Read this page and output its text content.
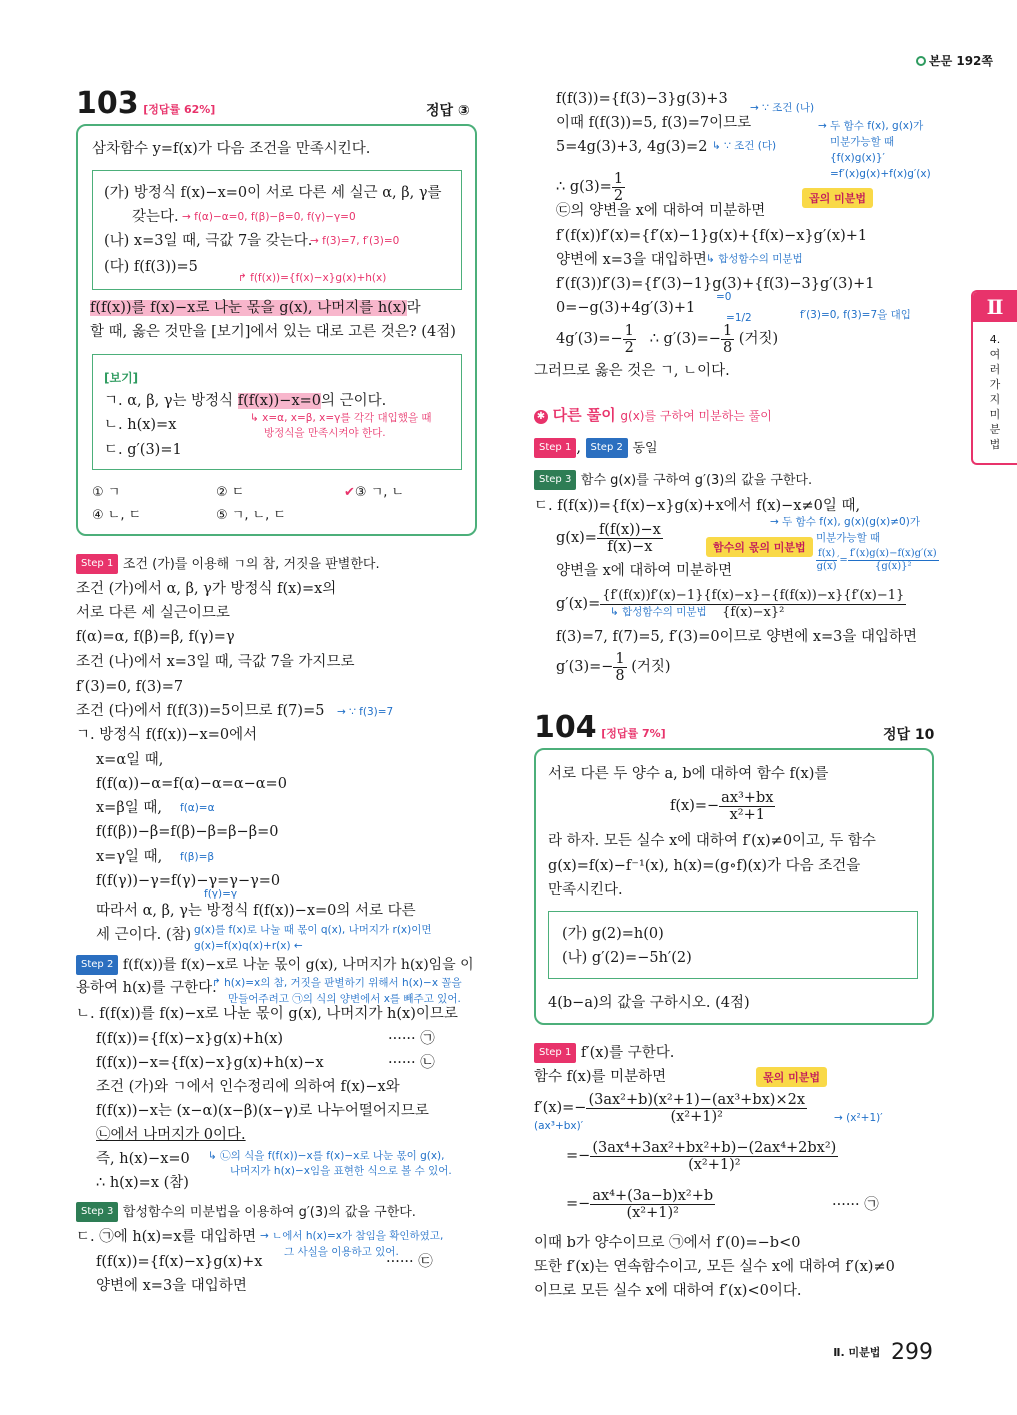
본문 192쪽
Ⅱ
4. 여러 가지 미분법
103 [정답률 62%]	정답 ③
삼차함수 y=f(x)가 다음 조건을 만족시킨다.
(가) 방정식 f(x)−x=0이 서로 다른 세 실근 α, β, γ를
갖는다. → f(α)−α=0, f(β)−β=0, f(γ)−γ=0
(나) x=3일 때, 극값 7을 갖는다.
→ f(3)=7, f′(3)=0
(다) f(f(3))=5
↱ f(f(x))={f(x)−x}g(x)+h(x)
f(f(x))를 f(x)−x로 나눈 몫을 g(x), 나머지를 h(x)라
할 때, 옳은 것만을 [보기]에서 있는 대로 고른 것은? (4점)
[보기]
ㄱ. α, β, γ는 방정식 f(f(x))−x=0의 근이다.
↳ x=α, x=β, x=γ를 각각 대입했을 때
방정식을 만족시켜야 한다.
ㄴ. h(x)=x
ㄷ. g′(3)=1
① ㄱ	② ㄷ	✔③ ㄱ, ㄴ
④ ㄴ, ㄷ	⑤ ㄱ, ㄴ, ㄷ
Step 1 조건 (가)를 이용해 ㄱ의 참, 거짓을 판별한다.
조건 (가)에서 α, β, γ가 방정식 f(x)=x의
서로 다른 세 실근이므로
f(α)=α, f(β)=β, f(γ)=γ
조건 (나)에서 x=3일 때, 극값 7을 가지므로
f′(3)=0, f(3)=7
조건 (다)에서 f(f(3))=5이므로 f(7)=5 → ∵ f(3)=7
ㄱ. 방정식 f(f(x))−x=0에서
x=α일 때,
f(f(α))−α=f(α)−α=α−α=0
x=β일 때, f(α)=α
f(f(β))−β=f(β)−β=β−β=0
x=γ일 때, f(β)=β
f(f(γ))−γ=f(γ)−γ=γ−γ=0
f(γ)=γ
따라서 α, β, γ는 방정식 f(f(x))−x=0의 서로 다른
세 근이다. (참) g(x)를 f(x)로 나눌 때 몫이 q(x), 나머지가 r(x)이면
g(x)=f(x)q(x)+r(x) ←
Step 2 f(f(x))를 f(x)−x로 나눈 몫이 g(x), 나머지가 h(x)임을 이
용하여 h(x)를 구한다.
↱ h(x)=x의 참, 거짓을 판별하기 위해서 h(x)−x 꼴을
만들어주려고 ㉠의 식의 양변에서 x를 빼주고 있어.
ㄴ. f(f(x))를 f(x)−x로 나눈 몫이 g(x), 나머지가 h(x)이므로
f(f(x))={f(x)−x}g(x)+h(x)	······ ㉠
f(f(x))−x={f(x)−x}g(x)+h(x)−x	······ ㉡
조건 (가)와 ㄱ에서 인수정리에 의하여 f(x)−x와
f(f(x))−x는 (x−α)(x−β)(x−γ)로 나누어떨어지므로
㉡에서 나머지가 0이다.
즉, h(x)−x=0 ↳ ㉡의 식을 f(f(x))−x를 f(x)−x로 나눈 몫이 g(x),
나머지가 h(x)−x임을 표현한 식으로 볼 수 있어.
∴ h(x)=x (참)
Step 3 합성함수의 미분법을 이용하여 g′(3)의 값을 구한다.
ㄷ. ㉠에 h(x)=x를 대입하면 → ㄴ에서 h(x)=x가 참임을 확인하였고,
그 사실을 이용하고 있어.
f(f(x))={f(x)−x}g(x)+x	······ ㉢
양변에 x=3을 대입하면
f(f(3))={f(3)−3}g(3)+3
→ ∵ 조건 (나)
이때 f(f(3))=5, f(3)=7이므로	→ 두 함수 f(x), g(x)가
미분가능할 때
{f(x)g(x)}′
=f′(x)g(x)+f(x)g′(x)
5=4g(3)+3, 4g(3)=2 ↳ ∵ 조건 (다)
∴ $g(3)= \frac{1}{2}$	곱의 미분법
㉢의 양변을 x에 대하여 미분하면
f′(f(x))f′(x)={f′(x)−1}g(x)+{f(x)−x}g′(x)+1
양변에 x=3을 대입하면 ↳ 합성함수의 미분법
f′(f(3))f′(3)={f′(3)−1}g(3)+{f(3)−3}g′(3)+1
=0
0=−g(3)+4g′(3)+1	f′(3)=0, f(3)=7을 대입
=1/2
$4g'(3)=- \frac{1}{2}$ ∴ $g'(3)=- \frac{1}{8}$ (거짓)
그러므로 옳은 것은 ㄱ, ㄴ이다.
✱ 다른 풀이 g(x)를 구하여 미분하는 풀이
Step 1 , Step 2 동일
Step 3 함수 g(x)를 구하여 g′(3)의 값을 구한다.
ㄷ. f(f(x))={f(x)−x}g(x)+x에서 f(x)−x≠0일 때,
→ 두 함수 f(x), g(x)(g(x)≠0)가
미분가능할 때
$g(x)= \frac{f(f(x))-x}{f(x)-x}$	함수의 몫의 미분법
$\frac{f(x)}{g(x)}$ ′= $\frac{f'(x)g(x)-f(x)g'(x)}{\text{\{g(x)\}²}}$
양변을 x에 대하여 미분하면
$g'(x)= \frac{\{f'(f(x))f'(x)-1\}\{f(x)-x\}-\{f(f(x))-x\}\{f'(x)-1\}}{\text{\{f(x)−x\}²}}$
↳ 합성함수의 미분법
f(3)=7, f(7)=5, f′(3)=0이므로 양변에 x=3을 대입하면
$g'(3)=- \frac{1}{8}$ (거짓)
104 [정답률 7%]	정답 10
서로 다른 두 양수 a, b에 대하여 함수 f(x)를
$f(x)=- \frac{\text{ax³+bx}}{\text{x²+1}}$
라 하자. 모든 실수 x에 대하여 f′(x)≠0이고, 두 함수
g(x)=f(x)−f⁻¹(x), h(x)=(g∘f)(x)가 다음 조건을
만족시킨다.
(가) g(2)=h(0)
(나) g′(2)=−5h′(2)
4(b−a)의 값을 구하시오. (4점)
Step 1 f′(x)를 구한다.
함수 f(x)를 미분하면	몫의 미분법
$f'(x)=- \frac{\text{(3ax²+b)(x²+1)−(ax³+bx)×2x}}{\text{(x²+1)²}}$
(ax³+bx)′
→ (x²+1)′
=− $\frac{\text{(3ax⁴+3ax²+bx²+b)−(2ax⁴+2bx²)}}{\text{(x²+1)²}}$
=− $\frac{\text{ax⁴+(3a−b)x²+b}}{\text{(x²+1)²}}$	······ ㉠
이때 b가 양수이므로 ㉠에서 f′(0)=−b<0
또한 f′(x)는 연속함수이고, 모든 실수 x에 대하여 f′(x)≠0
이므로 모든 실수 x에 대하여 f′(x)<0이다.
$^{Ⅱ. 미분법}$ 299
